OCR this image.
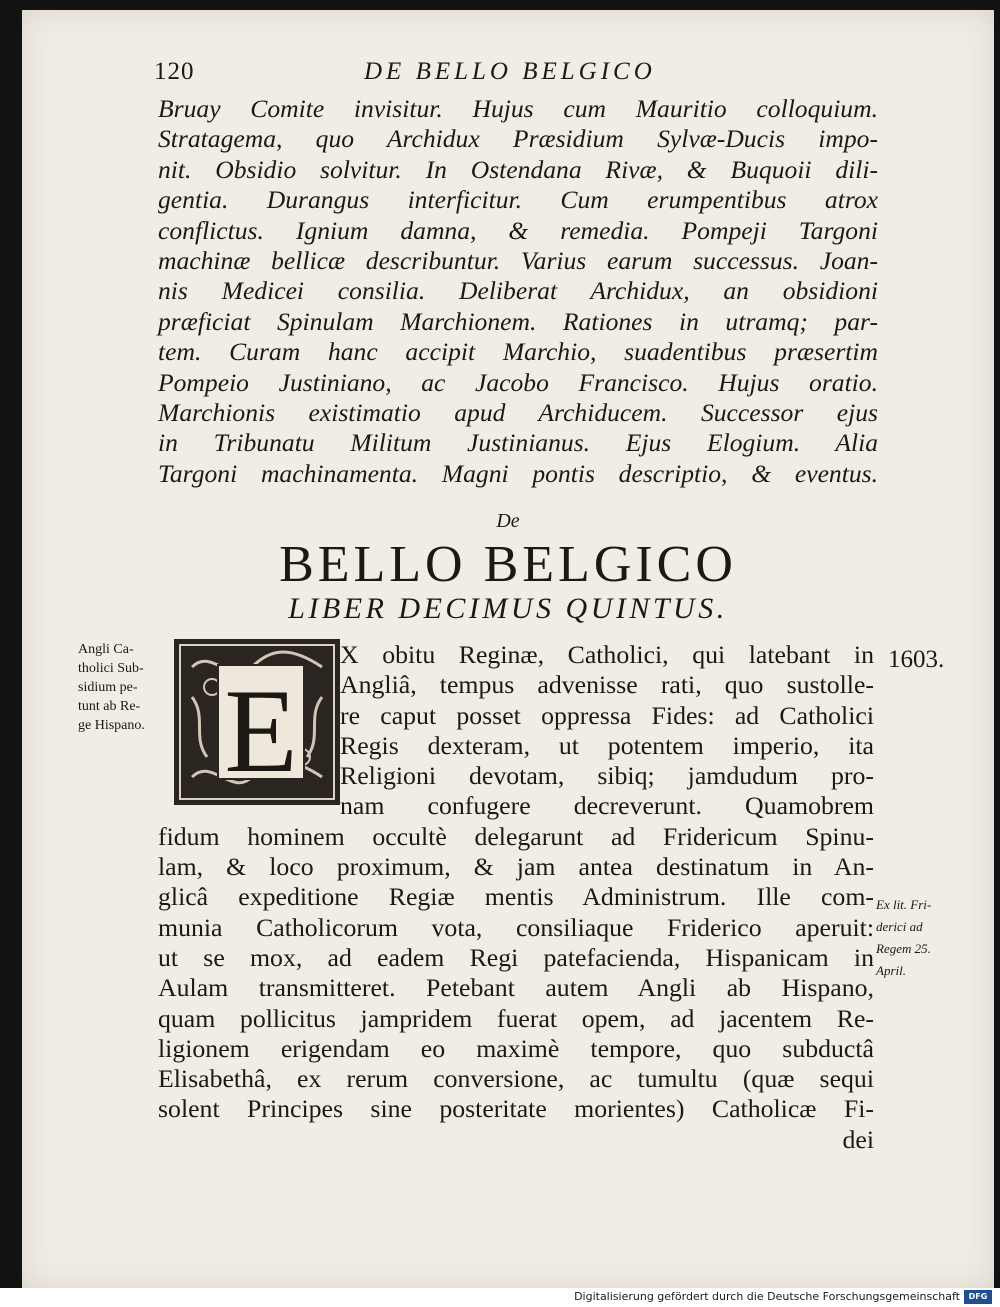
120	DE BELLO BELGICO
Bruay Comite invisitur. Hujus cum Mauritio colloquium.
Stratagema, quo Archidux Præsidium Sylvæ-Ducis impo-
nit. Obsidio solvitur. In Ostendana Rivæ, & Buquoii dili-
gentia. Durangus interficitur. Cum erumpentibus atrox
conflictus. Ignium damna, & remedia. Pompeji Targoni
machinæ bellicæ describuntur. Varius earum successus. Joan-
nis Medicei consilia. Deliberat Archidux, an obsidioni
præficiat Spinulam Marchionem. Rationes in utramq; par-
tem. Curam hanc accipit Marchio, suadentibus præsertim
Pompeio Justiniano, ac Jacobo Francisco. Hujus oratio.
Marchionis existimatio apud Archiducem. Successor ejus
in Tribunatu Militum Justinianus. Ejus Elogium. Alia
Targoni machinamenta. Magni pontis descriptio, & eventus.
De
BELLO BELGICO
LIBER DECIMUS QUINTUS.
Angli Ca-
tholici Sub-
sidium pe-
tunt ab Re-
ge Hispano.
1603.
Ex lit. Fri-
derici ad
Regem 25.
April.
E
X obitu Reginæ, Catholici, qui latebant in
Angliâ, tempus advenisse rati, quo sustolle-
re caput posset oppressa Fides: ad Catholici
Regis dexteram, ut potentem imperio, ita
Religioni devotam, sibiq; jamdudum pro-
nam confugere decreverunt. Quamobrem
fidum hominem occultè delegarunt ad Fridericum Spinu-
lam, & loco proximum, & jam antea destinatum in An-
glicâ expeditione Regiæ mentis Administrum. Ille com-
munia Catholicorum vota, consiliaque Friderico aperuit:
ut se mox, ad eadem Regi patefacienda, Hispanicam in
Aulam transmitteret. Petebant autem Angli ab Hispano,
quam pollicitus jampridem fuerat opem, ad jacentem Re-
ligionem erigendam eo maximè tempore, quo subductâ
Elisabethâ, ex rerum conversione, ac tumultu (quæ sequi
solent Principes sine posteritate morientes) Catholicæ Fi-
dei
Digitalisierung gefördert durch die Deutsche Forschungsgemeinschaft	DFG
